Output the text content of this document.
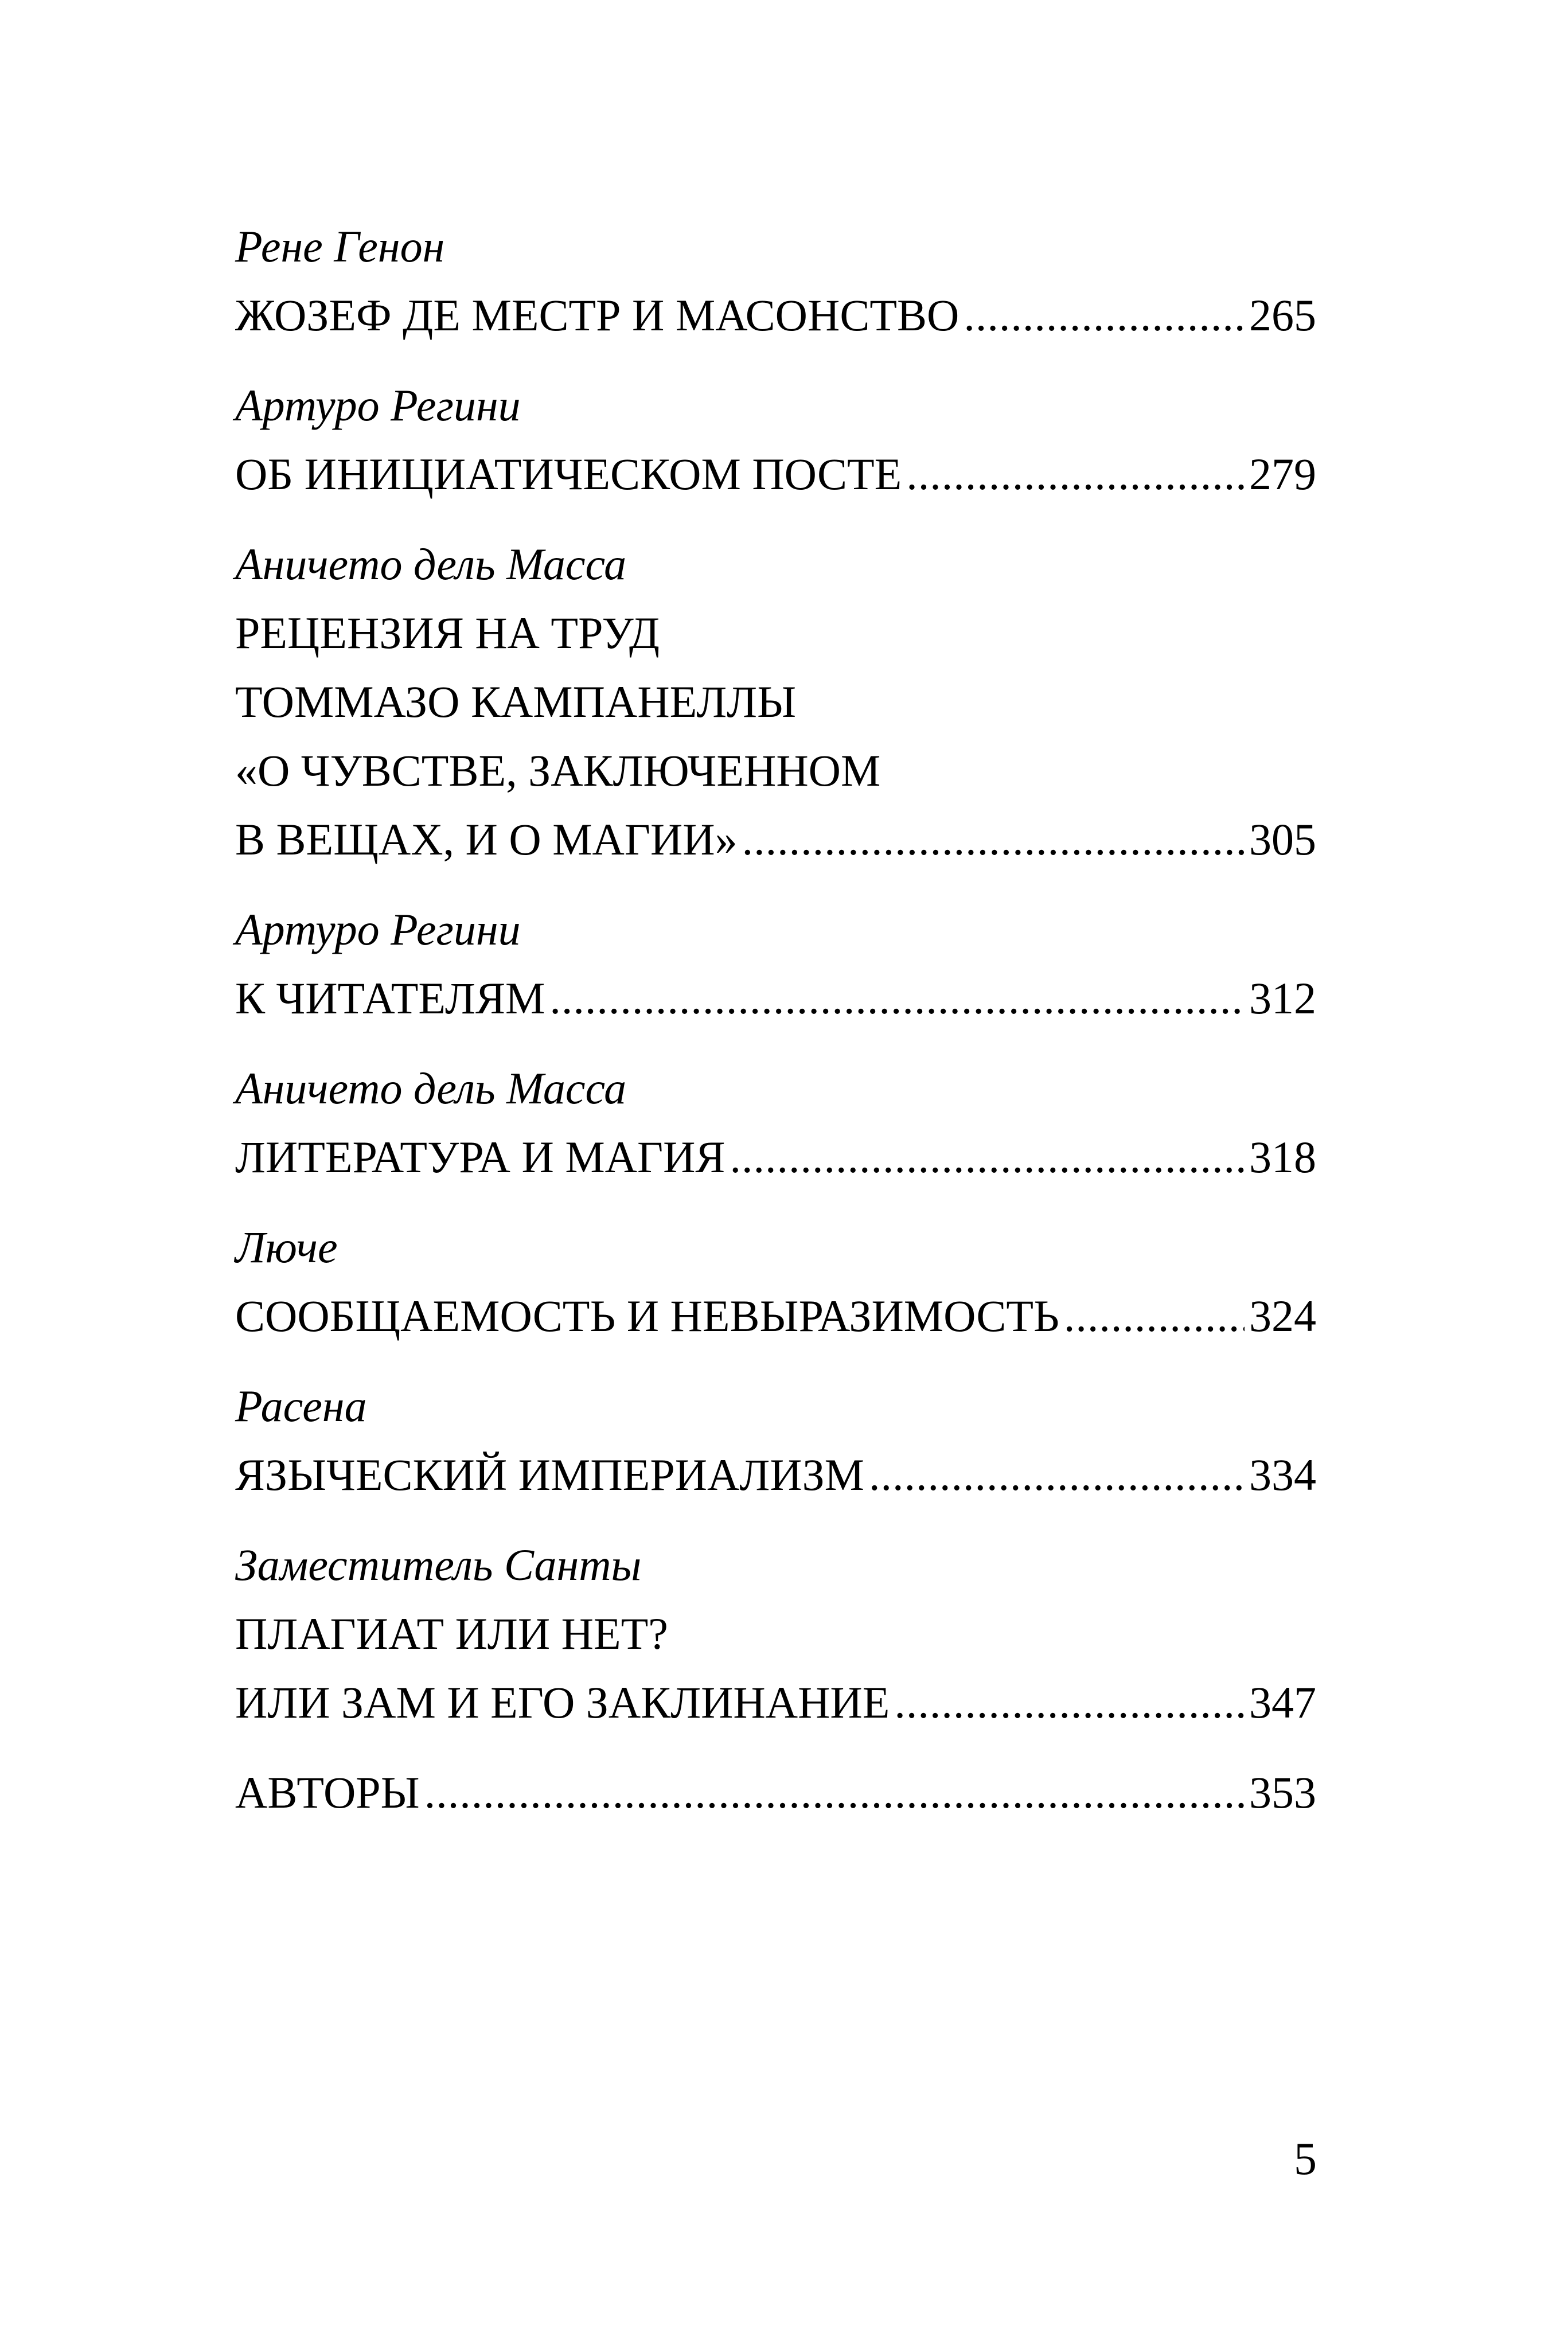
Рене Генон
ЖОЗЕФ ДЕ МЕСТР И МАСОНСТВО .....	265
Артуро Регини
ОБ ИНИЦИАТИЧЕСКОМ ПОСТЕ .....	279
Аничето дель Масса
РЕЦЕНЗИЯ НА ТРУД
ТОММАЗО КАМПАНЕЛЛЫ
«О ЧУВСТВЕ, ЗАКЛЮЧЕННОМ
В ВЕЩАХ, И О МАГИИ» .....	305
Артуро Регини
К ЧИТАТЕЛЯМ .....	312
Аничето дель Масса
ЛИТЕРАТУРА И МАГИЯ .....	318
Люче
СООБЩАЕМОСТЬ И НЕВЫРАЗИМОСТЬ .....	324
Расена
ЯЗЫЧЕСКИЙ ИМПЕРИАЛИЗМ .....	334
Заместитель Санты
ПЛАГИАТ ИЛИ НЕТ?
ИЛИ ЗАМ И ЕГО ЗАКЛИНАНИЕ .....	347
АВТОРЫ .....	353
5
